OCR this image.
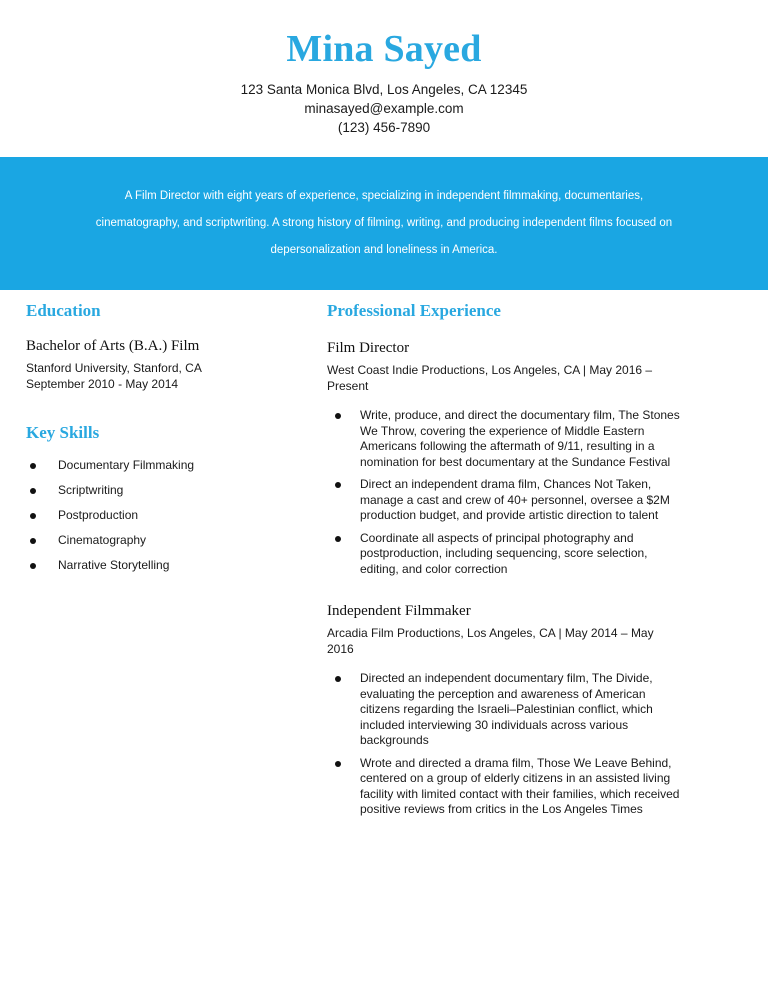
Mina Sayed

123 Santa Monica Blvd, Los Angeles, CA 12345

minasayed@example.com

(123) 456-7890

A Film Director with eight years of experience, specializing in independent filmmaking, documentaries, cinematography, and scriptwriting. A strong history of filming, writing, and producing independent films focused on depersonalization and loneliness in America.

Education

Bachelor of Arts (B.A.) Film

Stanford University, Stanford, CA

September 2010 - May 2014

Key Skills
Documentary Filmmaking
Scriptwriting
Postproduction
Cinematography
Narrative Storytelling
Professional Experience

Film Director

West Coast Indie Productions, Los Angeles, CA | May 2016 – Present

Write, produce, and direct the documentary film, The Stones We Throw, covering the experience of Middle Eastern Americans following the aftermath of 9/11, resulting in a nomination for best documentary at the Sundance Festival
Direct an independent drama film, Chances Not Taken, manage a cast and crew of 40+ personnel, oversee a $2M production budget, and provide artistic direction to talent
Coordinate all aspects of principal photography and postproduction, including sequencing, score selection, editing, and color correction

Independent Filmmaker

Arcadia Film Productions, Los Angeles, CA | May 2014 – May 2016

Directed an independent documentary film, The Divide, evaluating the perception and awareness of American citizens regarding the Israeli–Palestinian conflict, which included interviewing 30 individuals across various backgrounds
Wrote and directed a drama film, Those We Leave Behind, centered on a group of elderly citizens in an assisted living facility with limited contact with their families, which received positive reviews from critics in the Los Angeles Times
